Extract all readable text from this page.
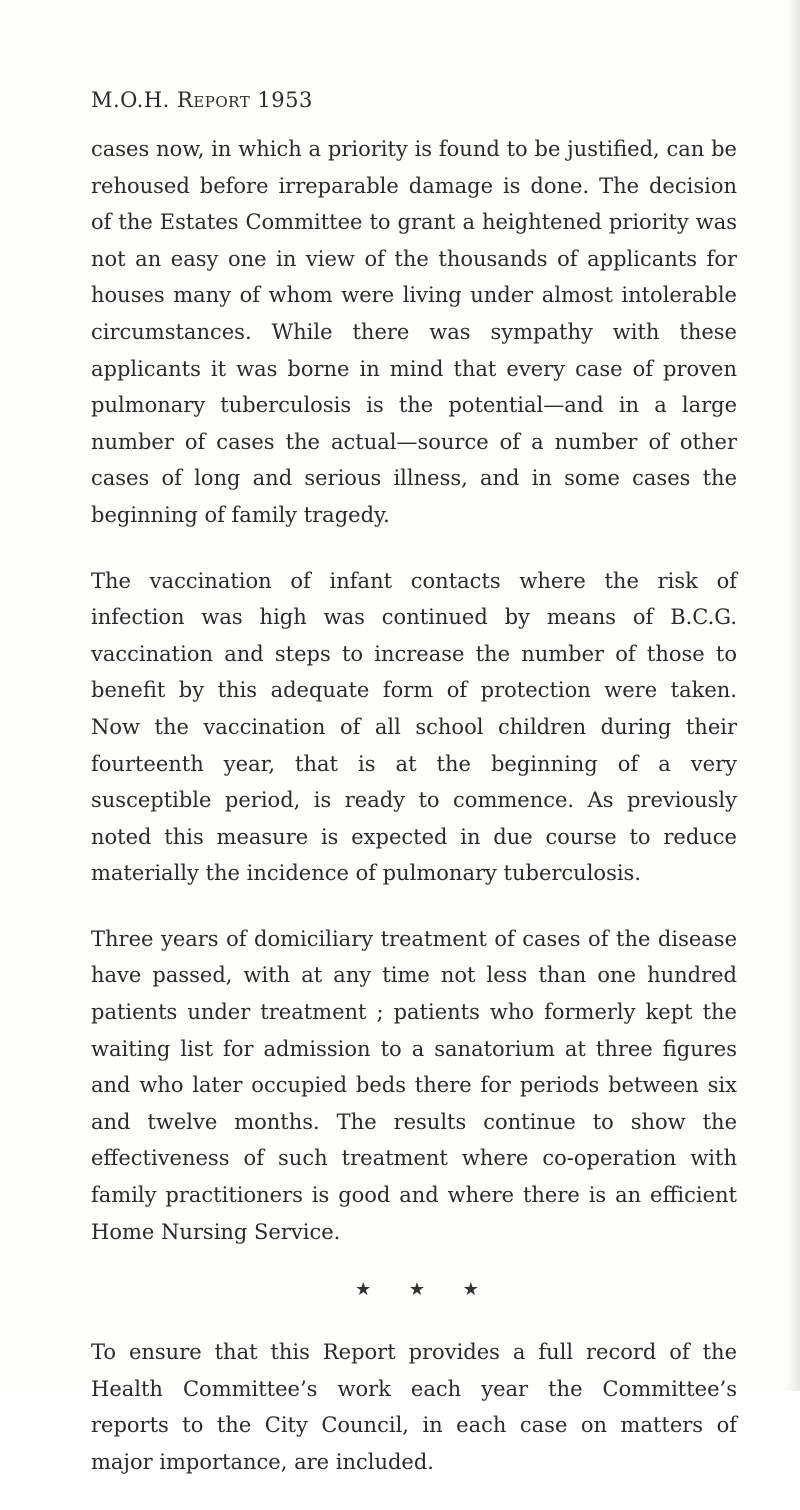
M.O.H. Report 1953

cases now, in which a priority is found to be justified, can be rehoused before irreparable damage is done. The decision of the Estates Committee to grant a heightened priority was not an easy one in view of the thousands of applicants for houses many of whom were living under almost intolerable circumstances. While there was sympathy with these applicants it was borne in mind that every case of proven pulmonary tuberculosis is the potential—and in a large number of cases the actual—source of a number of other cases of long and serious illness, and in some cases the beginning of family tragedy.

The vaccination of infant contacts where the risk of infection was high was continued by means of B.C.G. vaccination and steps to increase the number of those to benefit by this adequate form of protection were taken. Now the vaccination of all school children during their fourteenth year, that is at the beginning of a very susceptible period, is ready to commence. As previously noted this measure is expected in due course to reduce materially the incidence of pulmonary tuberculosis.

Three years of domiciliary treatment of cases of the disease have passed, with at any time not less than one hundred patients under treatment ; patients who formerly kept the waiting list for admission to a sanatorium at three figures and who later occupied beds there for periods between six and twelve months. The results continue to show the effectiveness of such treatment where co-operation with family practitioners is good and where there is an efficient Home Nursing Service.

★ ★ ★

To ensure that this Report provides a full record of the Health Committee’s work each year the Committee’s reports to the City Council, in each case on matters of major importance, are included.
